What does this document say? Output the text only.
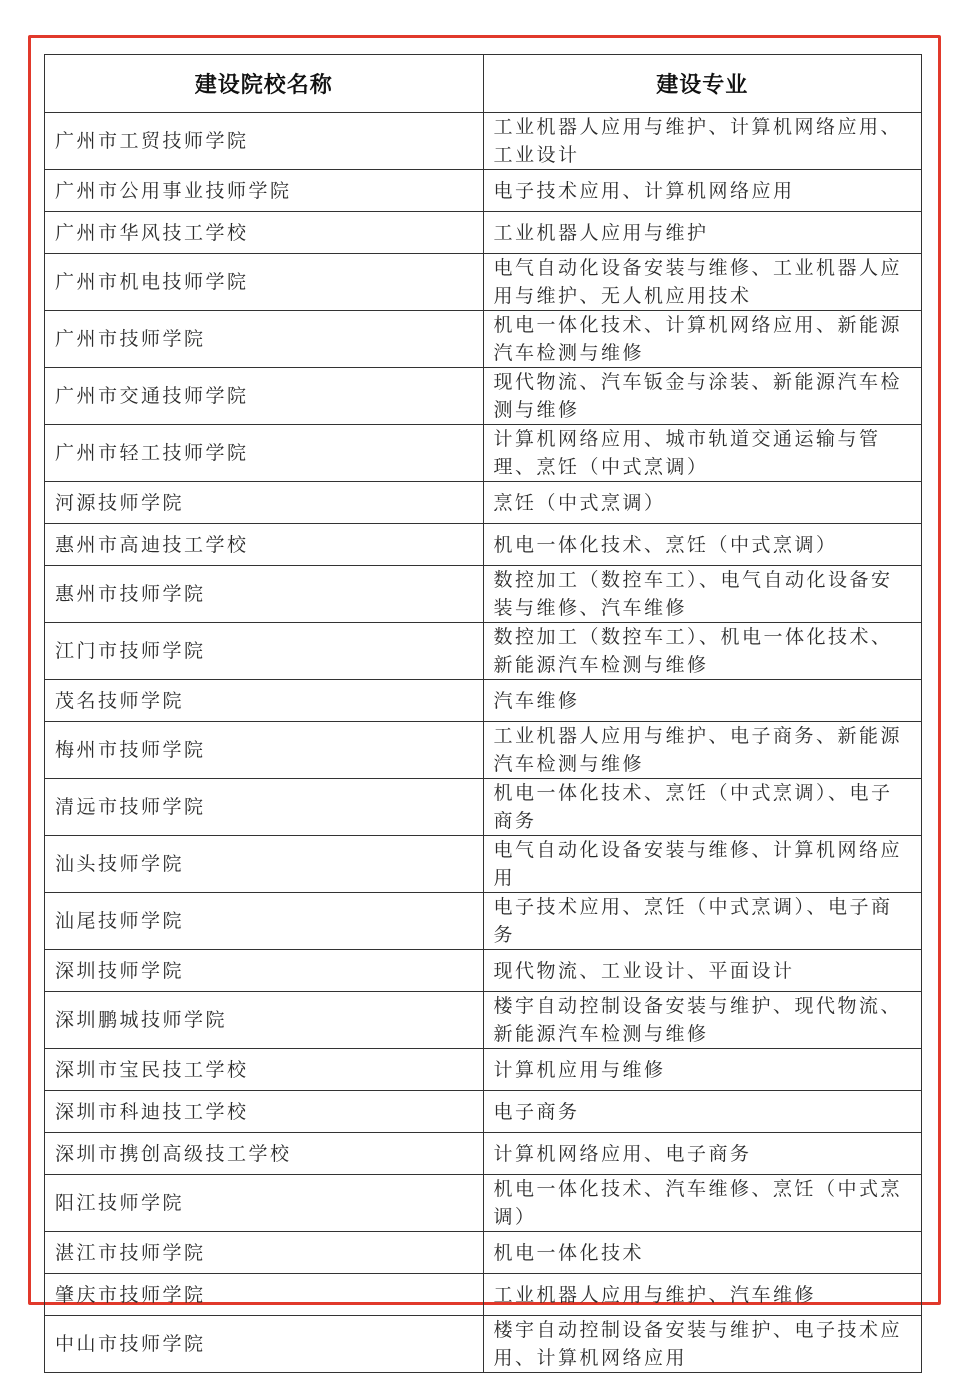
建设院校名称	建设专业
广州市工贸技师学院	工业机器人应用与维护、计算机网络应用、工业设计
广州市公用事业技师学院	电子技术应用、计算机网络应用
广州市华风技工学校	工业机器人应用与维护
广州市机电技师学院	电气自动化设备安装与维修、工业机器人应用与维护、无人机应用技术
广州市技师学院	机电一体化技术、计算机网络应用、新能源汽车检测与维修
广州市交通技师学院	现代物流、汽车钣金与涂装、新能源汽车检测与维修
广州市轻工技师学院	计算机网络应用、城市轨道交通运输与管理、烹饪（中式烹调）
河源技师学院	烹饪（中式烹调）
惠州市高迪技工学校	机电一体化技术、烹饪（中式烹调）
惠州市技师学院	数控加工（数控车工）、电气自动化设备安装与维修、汽车维修
江门市技师学院	数控加工（数控车工）、机电一体化技术、新能源汽车检测与维修
茂名技师学院	汽车维修
梅州市技师学院	工业机器人应用与维护、电子商务、新能源汽车检测与维修
清远市技师学院	机电一体化技术、烹饪（中式烹调）、电子商务
汕头技师学院	电气自动化设备安装与维修、计算机网络应用
汕尾技师学院	电子技术应用、烹饪（中式烹调）、电子商务
深圳技师学院	现代物流、工业设计、平面设计
深圳鹏城技师学院	楼宇自动控制设备安装与维护、现代物流、新能源汽车检测与维修
深圳市宝民技工学校	计算机应用与维修
深圳市科迪技工学校	电子商务
深圳市携创高级技工学校	计算机网络应用、电子商务
阳江技师学院	机电一体化技术、汽车维修、烹饪（中式烹调）
湛江市技师学院	机电一体化技术
肇庆市技师学院	工业机器人应用与维护、汽车维修
中山市技师学院	楼宇自动控制设备安装与维护、电子技术应用、计算机网络应用
